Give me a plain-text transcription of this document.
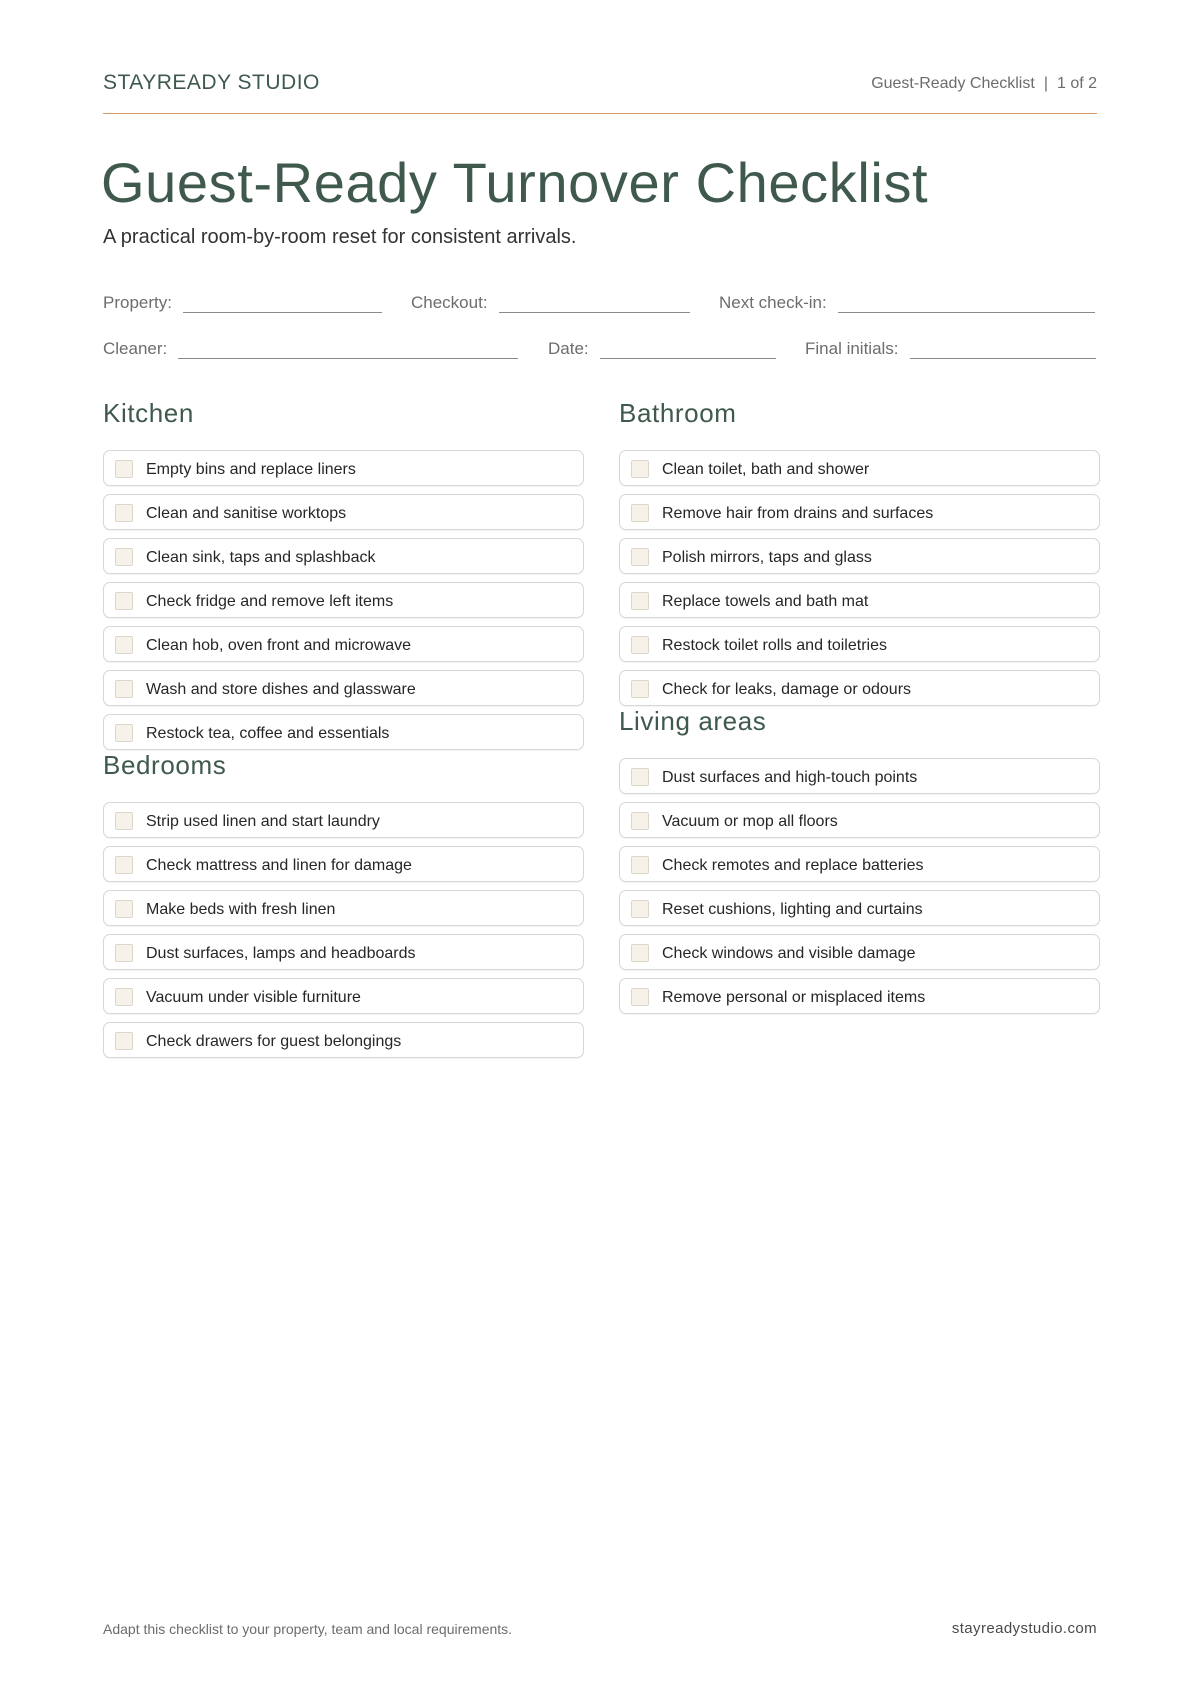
STAYREADY STUDIO	Guest-Ready Checklist | 1 of 2
Guest-Ready Turnover Checklist
A practical room-by-room reset for consistent arrivals.
Property:	Checkout:	Next check-in:
Cleaner:	Date:	Final initials:
Kitchen
Empty bins and replace liners
Clean and sanitise worktops
Clean sink, taps and splashback
Check fridge and remove left items
Clean hob, oven front and microwave
Wash and store dishes and glassware
Restock tea, coffee and essentials
Bathroom
Clean toilet, bath and shower
Remove hair from drains and surfaces
Polish mirrors, taps and glass
Replace towels and bath mat
Restock toilet rolls and toiletries
Check for leaks, damage or odours
Bedrooms
Strip used linen and start laundry
Check mattress and linen for damage
Make beds with fresh linen
Dust surfaces, lamps and headboards
Vacuum under visible furniture
Check drawers for guest belongings
Living areas
Dust surfaces and high-touch points
Vacuum or mop all floors
Check remotes and replace batteries
Reset cushions, lighting and curtains
Check windows and visible damage
Remove personal or misplaced items
Adapt this checklist to your property, team and local requirements.	stayreadystudio.com
